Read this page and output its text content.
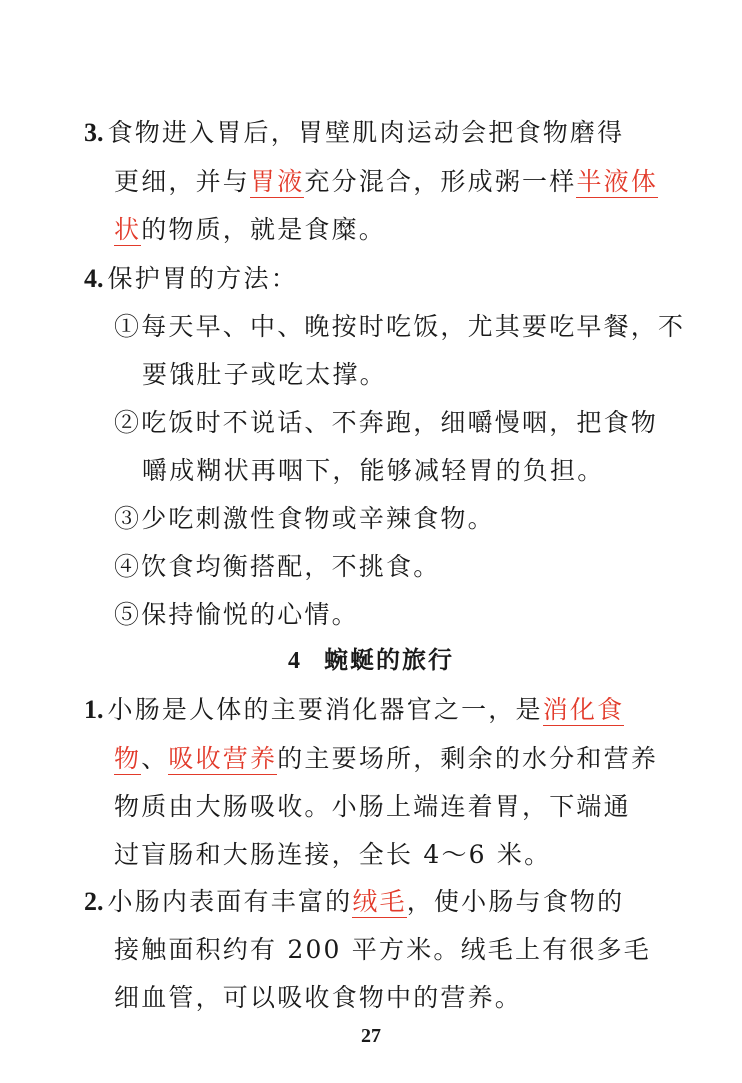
3. 食物进入胃后，胃壁肌肉运动会把食物磨得
更细，并与胃液充分混合，形成粥一样半液体
状的物质，就是食糜。
4. 保护胃的方法：
①每天早、中、晚按时吃饭，尤其要吃早餐，不
要饿肚子或吃太撑。
②吃饭时不说话、不奔跑，细嚼慢咽，把食物
嚼成糊状再咽下，能够减轻胃的负担。
③少吃刺激性食物或辛辣食物。
④饮食均衡搭配，不挑食。
⑤保持愉悦的心情。
4 蜿蜒的旅行
1. 小肠是人体的主要消化器官之一，是消化食
物、吸收营养的主要场所，剩余的水分和营养
物质由大肠吸收。小肠上端连着胃，下端通
过盲肠和大肠连接，全长 4～6 米。
2. 小肠内表面有丰富的绒毛，使小肠与食物的
接触面积约有 200 平方米。绒毛上有很多毛
细血管，可以吸收食物中的营养。
27
